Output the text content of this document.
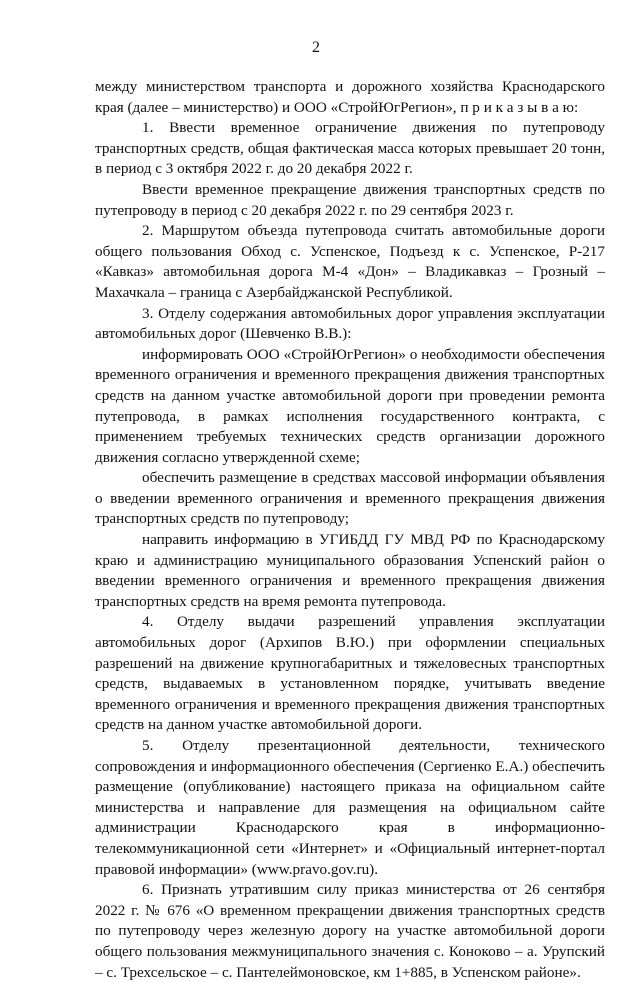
2

между министерством транспорта и дорожного хозяйства Краснодарского края (далее – министерство) и ООО «СтройЮгРегион», п р и к а з ы в а ю:

1. Ввести временное ограничение движения по путепроводу транспортных средств, общая фактическая масса которых превышает 20 тонн, в период с 3 октября 2022 г. до 20 декабря 2022 г.

Ввести временное прекращение движения транспортных средств по путепроводу в период с 20 декабря 2022 г. по 29 сентября 2023 г.

2. Маршрутом объезда путепровода считать автомобильные дороги общего пользования Обход с. Успенское, Подъезд к с. Успенское, Р-217 «Кавказ» автомобильная дорога М-4 «Дон» – Владикавказ – Грозный – Махачкала – граница с Азербайджанской Республикой.

3. Отделу содержания автомобильных дорог управления эксплуатации автомобильных дорог (Шевченко В.В.):

информировать ООО «СтройЮгРегион» о необходимости обеспечения временного ограничения и временного прекращения движения транспортных средств на данном участке автомобильной дороги при проведении ремонта путепровода, в рамках исполнения государственного контракта, с применением требуемых технических средств организации дорожного движения согласно утвержденной схеме;

обеспечить размещение в средствах массовой информации объявления о введении временного ограничения и временного прекращения движения транспортных средств по путепроводу;

направить информацию в УГИБДД ГУ МВД РФ по Краснодарскому краю и администрацию муниципального образования Успенский район о введении временного ограничения и временного прекращения движения транспортных средств на время ремонта путепровода.

4. Отделу выдачи разрешений управления эксплуатации автомобильных дорог (Архипов В.Ю.) при оформлении специальных разрешений на движение крупногабаритных и тяжеловесных транспортных средств, выдаваемых в установленном порядке, учитывать введение временного ограничения и временного прекращения движения транспортных средств на данном участке автомобильной дороги.

5. Отделу презентационной деятельности, технического сопровождения и информационного обеспечения (Сергиенко Е.А.) обеспечить размещение (опубликование) настоящего приказа на официальном сайте министерства и направление для размещения на официальном сайте администрации Краснодарского края в информационно-телекоммуникационной сети «Интернет» и «Официальный интернет-портал правовой информации» (www.pravo.gov.ru).

6. Признать утратившим силу приказ министерства от 26 сентября 2022 г. № 676 «О временном прекращении движения транспортных средств по путепроводу через железную дорогу на участке автомобильной дороги общего пользования межмуниципального значения с. Коноково – а. Урупский – с. Трехсельское – с. Пантелеймоновское, км 1+885, в Успенском районе».
